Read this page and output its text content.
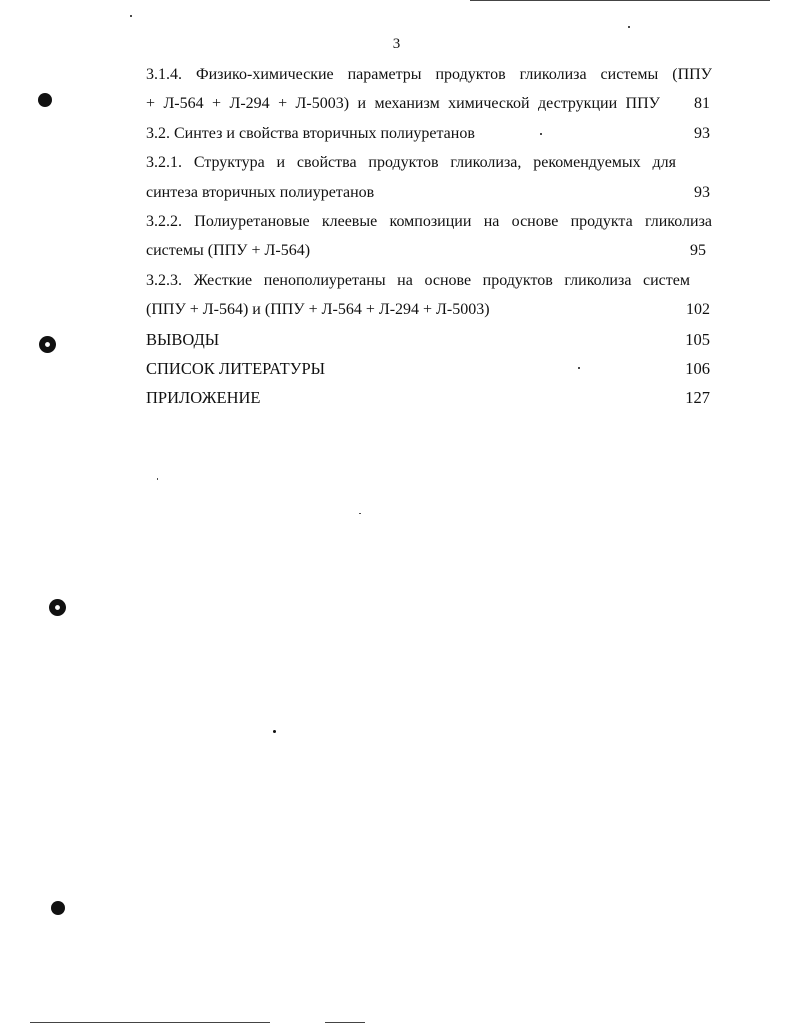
3
3.1.4. Физико-химические параметры продуктов гликолиза системы (ППУ
+ Л-564 + Л-294 + Л-5003) и механизм химической деструкции ППУ 81
3.2. Синтез и свойства вторичных полиуретанов	93
3.2.1. Структура и свойства продуктов гликолиза, рекомендуемых для
синтеза вторичных полиуретанов	93
3.2.2. Полиуретановые клеевые композиции на основе продукта гликолиза
системы (ППУ + Л-564)	95
3.2.3. Жесткие пенополиуретаны на основе продуктов гликолиза систем
(ППУ + Л-564) и (ППУ + Л-564 + Л-294 + Л-5003)	102
ВЫВОДЫ	105
СПИСОК ЛИТЕРАТУРЫ	106
ПРИЛОЖЕНИЕ	127
